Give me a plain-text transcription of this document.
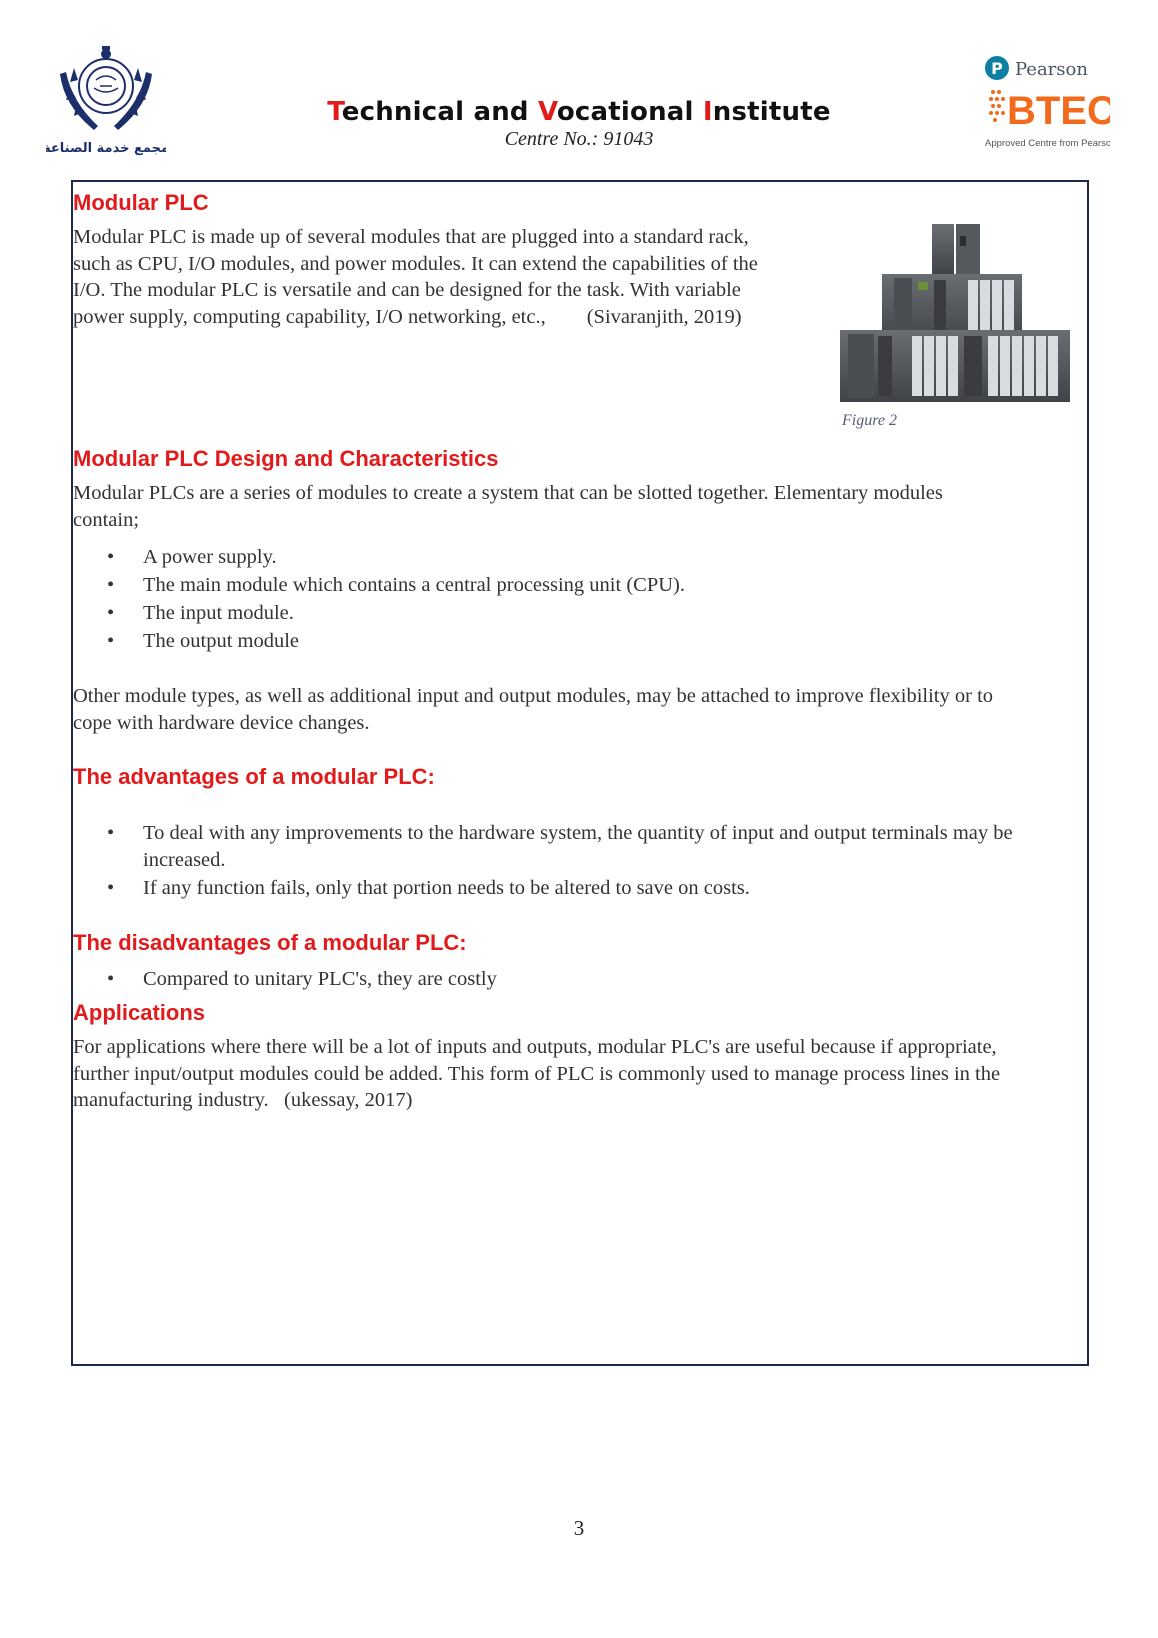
مجمع خدمة الصناعة
Technical and Vocational Institute
Centre No.: 91043
P Pearson
BTEC
Approved Centre from Pearson
Modular PLC
Modular PLC is made up of several modules that are plugged into a standard rack,
such as CPU, I/O modules, and power modules. It can extend the capabilities of the
I/O. The modular PLC is versatile and can be designed for the task. With variable
power supply, computing capability, I/O networking, etc.,        (Sivaranjith, 2019)
Figure 2
Modular PLC Design and Characteristics
Modular PLCs are a series of modules to create a system that can be slotted together. Elementary modules
contain;
• A power supply.
• The main module which contains a central processing unit (CPU).
• The input module.
• The output module
Other module types, as well as additional input and output modules, may be attached to improve flexibility or to
cope with hardware device changes.
The advantages of a modular PLC:
• To deal with any improvements to the hardware system, the quantity of input and output terminals may be
increased.
• If any function fails, only that portion needs to be altered to save on costs.
The disadvantages of a modular PLC:
• Compared to unitary PLC's, they are costly
Applications
For applications where there will be a lot of inputs and outputs, modular PLC's are useful because if appropriate,
further input/output modules could be added. This form of PLC is commonly used to manage process lines in the
manufacturing industry.   (ukessay, 2017)
3
